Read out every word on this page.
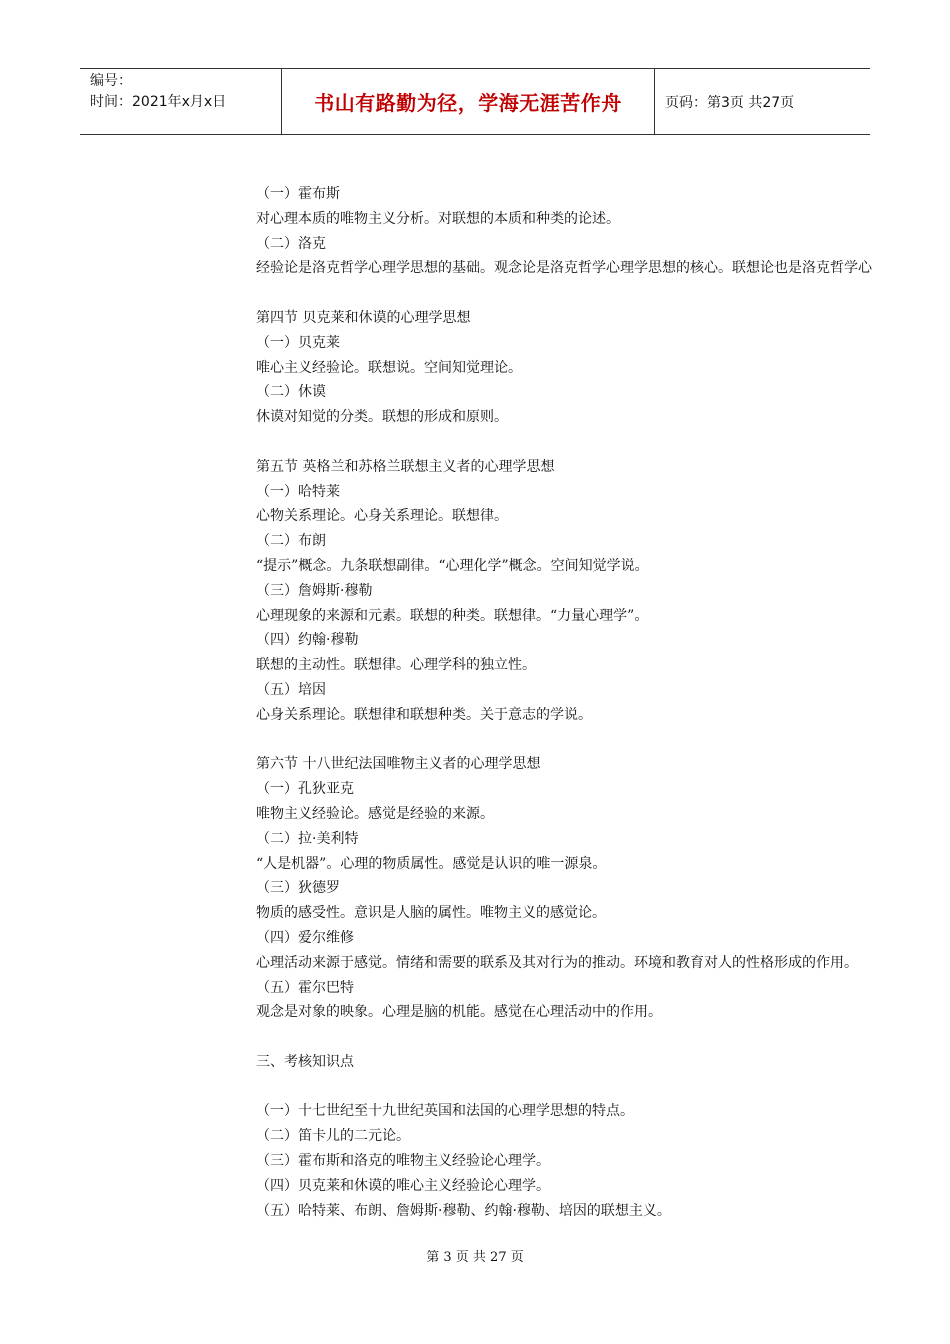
编号：
时间：2021年x月x日	书山有路勤为径，学海无涯苦作舟	页码：第3页 共27页
（一）霍布斯
对心理本质的唯物主义分析。对联想的本质和种类的论述。
（二）洛克
经验论是洛克哲学心理学思想的基础。观念论是洛克哲学心理学思想的核心。联想论也是洛克哲学心
第四节 贝克莱和休谟的心理学思想
（一）贝克莱
唯心主义经验论。联想说。空间知觉理论。
（二）休谟
休谟对知觉的分类。联想的形成和原则。
第五节 英格兰和苏格兰联想主义者的心理学思想
（一）哈特莱
心物关系理论。心身关系理论。联想律。
（二）布朗
“提示”概念。九条联想副律。“心理化学”概念。空间知觉学说。
（三）詹姆斯·穆勒
心理现象的来源和元素。联想的种类。联想律。“力量心理学”。
（四）约翰·穆勒
联想的主动性。联想律。心理学科的独立性。
（五）培因
心身关系理论。联想律和联想种类。关于意志的学说。
第六节 十八世纪法国唯物主义者的心理学思想
（一）孔狄亚克
唯物主义经验论。感觉是经验的来源。
（二）拉·美利特
“人是机器”。心理的物质属性。感觉是认识的唯一源泉。
（三）狄德罗
物质的感受性。意识是人脑的属性。唯物主义的感觉论。
（四）爱尔维修
心理活动来源于感觉。情绪和需要的联系及其对行为的推动。环境和教育对人的性格形成的作用。
（五）霍尔巴特
观念是对象的映象。心理是脑的机能。感觉在心理活动中的作用。
三、考核知识点
（一）十七世纪至十九世纪英国和法国的心理学思想的特点。
（二）笛卡儿的二元论。
（三）霍布斯和洛克的唯物主义经验论心理学。
（四）贝克莱和休谟的唯心主义经验论心理学。
（五）哈特莱、布朗、詹姆斯·穆勒、约翰·穆勒、培因的联想主义。
第 3 页 共 27 页
